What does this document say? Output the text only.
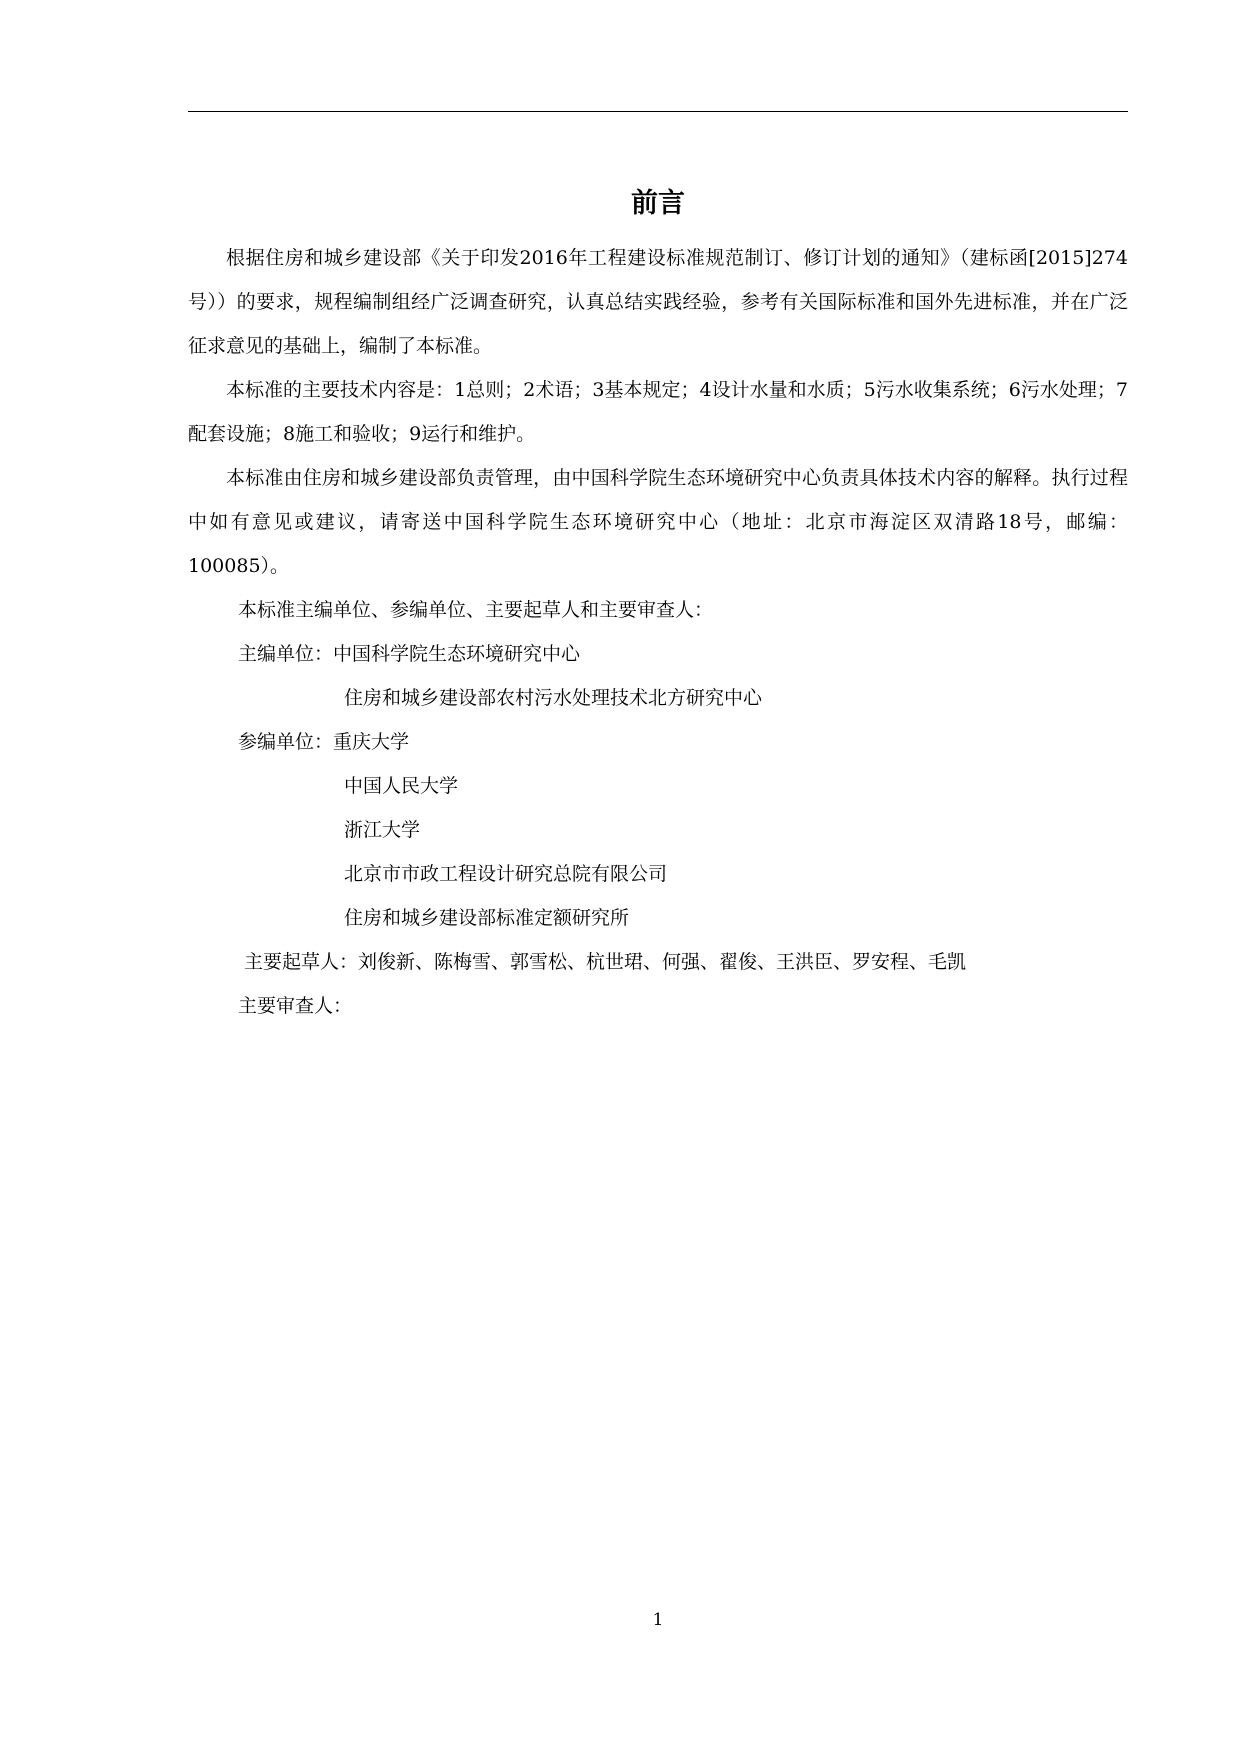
前言

根据住房和城乡建设部《关于印发2016年工程建设标准规范制订、修订计划的通知》（建标函[2015]274号））的要求，规程编制组经广泛调查研究，认真总结实践经验，参考有关国际标准和国外先进标准，并在广泛征求意见的基础上，编制了本标准。

本标准的主要技术内容是：1总则；2术语；3基本规定；4设计水量和水质；5污水收集系统；6污水处理；7配套设施；8施工和验收；9运行和维护。

本标准由住房和城乡建设部负责管理，由中国科学院生态环境研究中心负责具体技术内容的解释。执行过程中如有意见或建议，请寄送中国科学院生态环境研究中心（地址：北京市海淀区双清路18号，邮编：100085）。

本标准主编单位、参编单位、主要起草人和主要审查人：

主编单位：中国科学院生态环境研究中心

住房和城乡建设部农村污水处理技术北方研究中心

参编单位：重庆大学

中国人民大学

浙江大学

北京市市政工程设计研究总院有限公司

住房和城乡建设部标准定额研究所

主要起草人：刘俊新、陈梅雪、郭雪松、杭世珺、何强、翟俊、王洪臣、罗安程、毛凯

主要审查人：

1
